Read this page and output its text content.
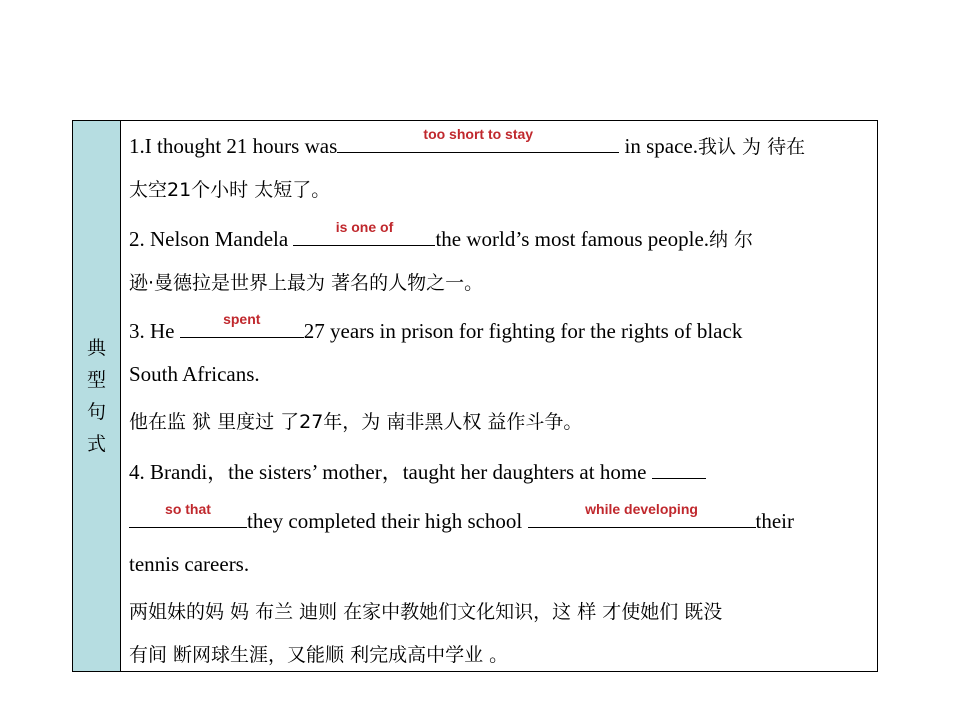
典
型
句
式
1.I thought 21 hours was	too short to stay	in space.我认 为 待在
太空21个小时 太短了。
2. Nelson Mandela	is one of	the world’s most famous people.纳 尔
逊·曼德拉是世界上最为 著名的人物之一。
3. He	spent	27 years in prison for fighting for the rights of black
South Africans.
他在监 狱 里度过 了27年，为 南非黑人权 益作斗争。
4. Brandi，the sisters’ mother，taught her daughters at home
so that	they completed their high school	while developing	their
tennis careers.
两姐妹的妈 妈 布兰 迪则 在家中教她们文化知识，这 样 才使她们 既没
有间 断网球生涯，又能顺 利完成高中学业 。
